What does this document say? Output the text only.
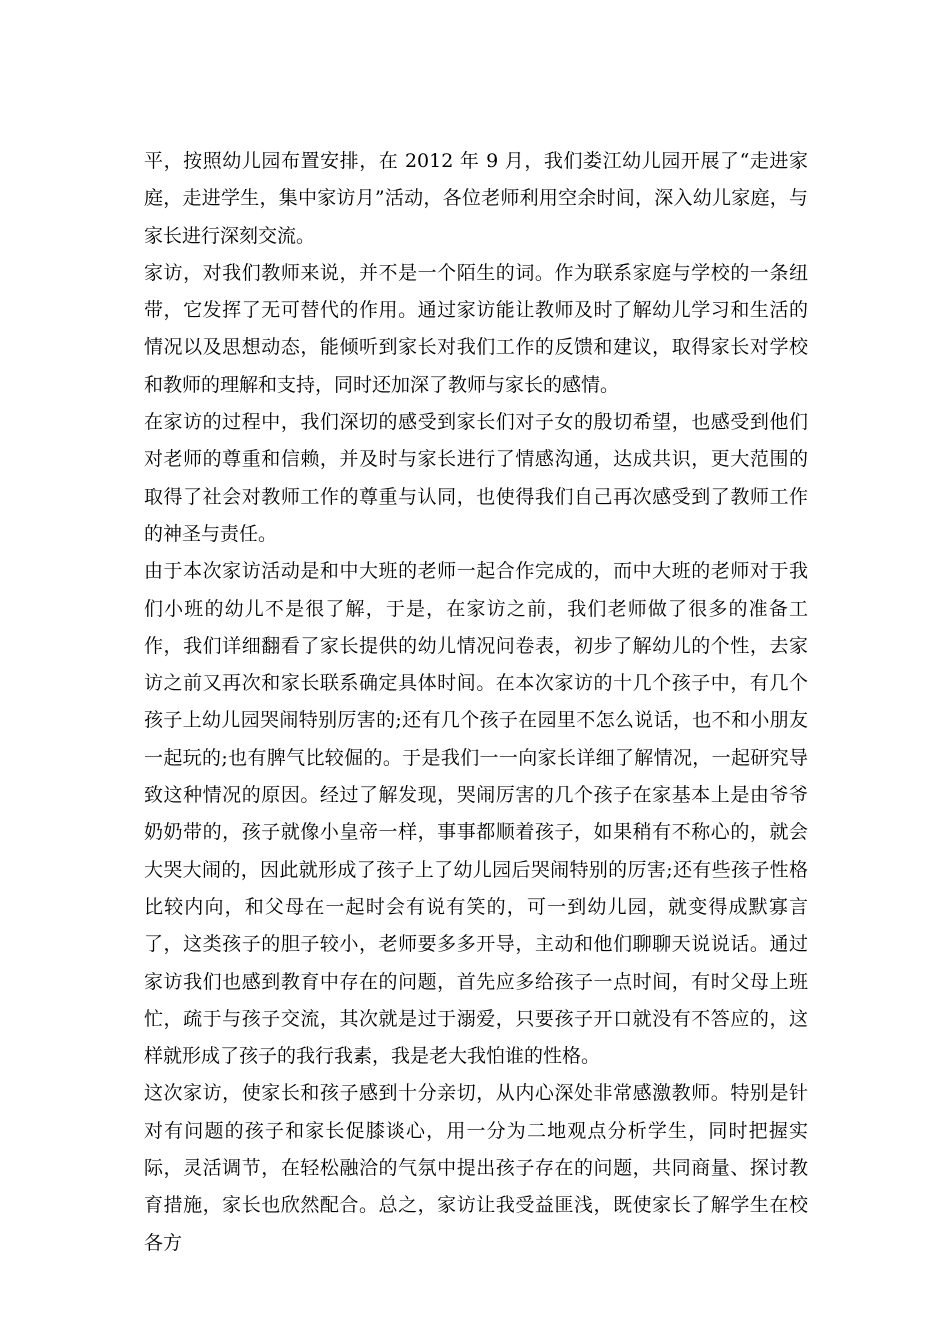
平，按照幼儿园布置安排，在 2012 年 9 月，我们娄江幼儿园开展了“走进家庭，走进学生，集中家访月”活动，各位老师利用空余时间，深入幼儿家庭，与家长进行深刻交流。

家访，对我们教师来说，并不是一个陌生的词。作为联系家庭与学校的一条纽带，它发挥了无可替代的作用。通过家访能让教师及时了解幼儿学习和生活的情况以及思想动态，能倾听到家长对我们工作的反馈和建议，取得家长对学校和教师的理解和支持，同时还加深了教师与家长的感情。

在家访的过程中，我们深切的感受到家长们对子女的殷切希望，也感受到他们对老师的尊重和信赖，并及时与家长进行了情感沟通，达成共识，更大范围的取得了社会对教师工作的尊重与认同，也使得我们自己再次感受到了教师工作的神圣与责任。

由于本次家访活动是和中大班的老师一起合作完成的，而中大班的老师对于我们小班的幼儿不是很了解，于是，在家访之前，我们老师做了很多的准备工作，我们详细翻看了家长提供的幼儿情况问卷表，初步了解幼儿的个性，去家访之前又再次和家长联系确定具体时间。在本次家访的十几个孩子中，有几个孩子上幼儿园哭闹特别厉害的;还有几个孩子在园里不怎么说话，也不和小朋友一起玩的;也有脾气比较倔的。于是我们一一向家长详细了解情况，一起研究导致这种情况的原因。经过了解发现，哭闹厉害的几个孩子在家基本上是由爷爷奶奶带的，孩子就像小皇帝一样，事事都顺着孩子，如果稍有不称心的，就会大哭大闹的，因此就形成了孩子上了幼儿园后哭闹特别的厉害;还有些孩子性格比较内向，和父母在一起时会有说有笑的，可一到幼儿园，就变得成默寡言了，这类孩子的胆子较小，老师要多多开导，主动和他们聊聊天说说话。通过家访我们也感到教育中存在的问题，首先应多给孩子一点时间，有时父母上班忙，疏于与孩子交流，其次就是过于溺爱，只要孩子开口就没有不答应的，这样就形成了孩子的我行我素，我是老大我怕谁的性格。

这次家访，使家长和孩子感到十分亲切，从内心深处非常感激教师。特别是针对有问题的孩子和家长促膝谈心，用一分为二地观点分析学生，同时把握实际，灵活调节，在轻松融洽的气氛中提出孩子存在的问题，共同商量、探讨教育措施，家长也欣然配合。总之，家访让我受益匪浅，既使家长了解学生在校各方
